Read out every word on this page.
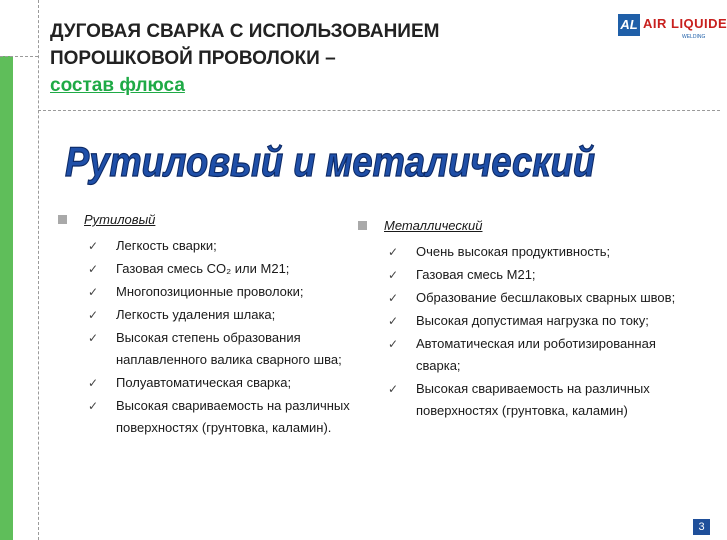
ДУГОВАЯ СВАРКА С ИСПОЛЬЗОВАНИЕМ
ПОРОШКОВОЙ ПРОВОЛОКИ –
состав флюса
AL AIR LIQUIDE
WELDING
Рутиловый и металический
Рутиловый
✓ Легкость сварки;
✓ Газовая смесь CO₂ или M21;
✓ Многопозиционные проволоки;
✓ Легкость удаления шлака;
✓ Высокая степень образования наплавленного валика сварного шва;
✓ Полуавтоматическая сварка;
✓ Высокая свариваемость на различных поверхностях (грунтовка, каламин).
Металлический
✓ Очень высокая продуктивность;
✓ Газовая смесь M21;
✓ Образование бесшлаковых сварных швов;
✓ Высокая допустимая нагрузка по току;
✓ Автоматическая или роботизированная сварка;
✓ Высокая свариваемость на различных поверхностях (грунтовка, каламин)
3
